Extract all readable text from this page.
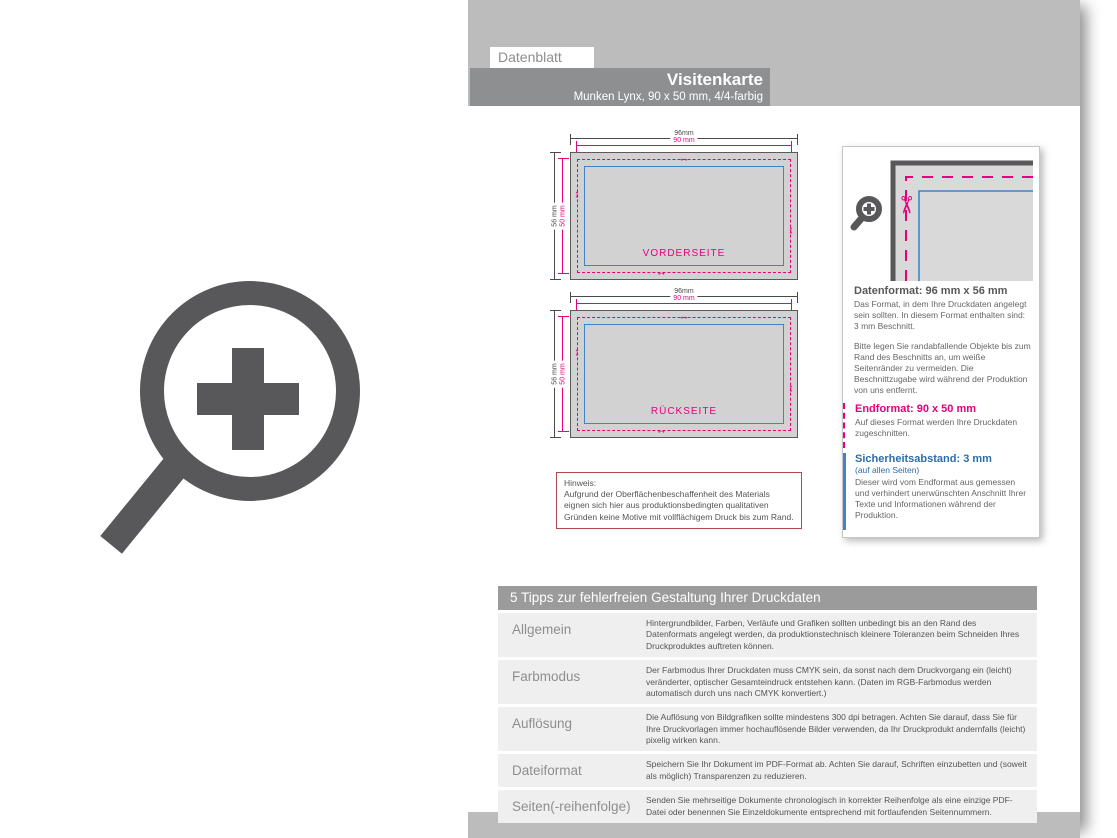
Datenblatt
Visitenkarte
Munken Lynx, 90 x 50 mm, 4/4-farbig
96mm
90 mm
56 mm 50 mm
↔
↔
↕
↕
VORDERSEITE
96mm
90 mm
56 mm 50 mm
↔
↔
↕
↕
RÜCKSEITE
Hinweis:
Aufgrund der Oberflächenbeschaffenheit des Materials eignen sich hier aus produktionsbedingten qualitativen Gründen keine Motive mit vollflächigem Druck bis zum Rand.
✂
Datenformat: 96 mm x 56 mm

Das Format, in dem Ihre Druckdaten angelegt sein sollten. In diesem Format enthalten sind: 3 mm Beschnitt.

Bitte legen Sie randabfallende Objekte bis zum Rand des Beschnitts an, um weiße Seitenränder zu vermeiden. Die Beschnittzugabe wird während der Produktion von uns entfernt.

Endformat: 90 x 50 mm

Auf dieses Format werden Ihre Druckdaten zugeschnitten.

Sicherheitsabstand: 3 mm

(auf allen Seiten)

Dieser wird vom Endformat aus gemessen und verhindert unerwünschten Anschnitt Ihrer Texte und Informationen während der Produktion.

5 Tipps zur fehlerfreien Gestaltung Ihrer Druckdaten
Allgemein	Hintergrundbilder, Farben, Verläufe und Grafiken sollten unbedingt bis an den Rand des Datenformats angelegt werden, da produktionstechnisch kleinere Toleranzen beim Schneiden Ihres Druckproduktes auftreten können.
Farbmodus	Der Farbmodus Ihrer Druckdaten muss CMYK sein, da sonst nach dem Druckvorgang ein (leicht) veränderter, optischer Gesamteindruck entstehen kann. (Daten im RGB-Farbmodus werden automatisch durch uns nach CMYK konvertiert.)
Auflösung	Die Auflösung von Bildgrafiken sollte mindestens 300 dpi betragen. Achten Sie darauf, dass Sie für Ihre Druckvorlagen immer hochauflösende Bilder verwenden, da Ihr Druckprodukt andernfalls (leicht) pixelig wirken kann.
Dateiformat	Speichern Sie Ihr Dokument im PDF-Format ab. Achten Sie darauf, Schriften einzubetten und (soweit als möglich) Transparenzen zu reduzieren.
Seiten(-reihenfolge)	Senden Sie mehrseitige Dokumente chronologisch in korrekter Reihenfolge als eine einzige PDF-Datei oder benennen Sie Einzeldokumente entsprechend mit fortlaufenden Seitennummern.
